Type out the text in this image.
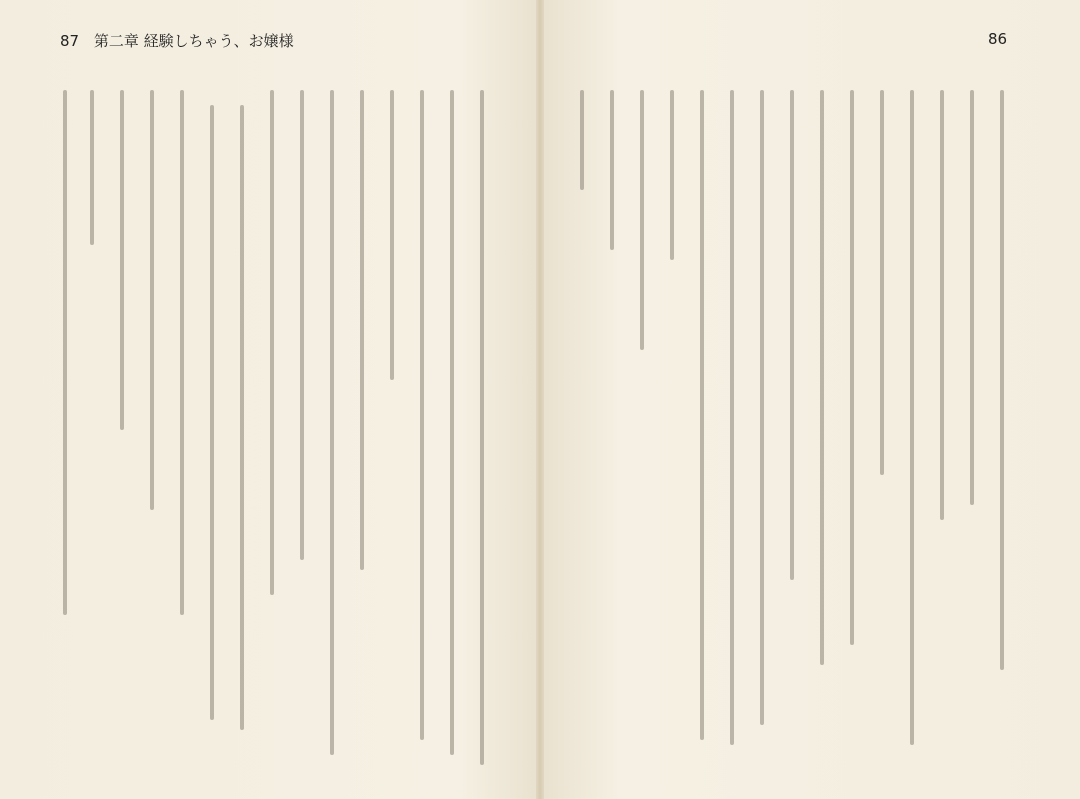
87 第二章 経験しちゃう、お嬢様	86
